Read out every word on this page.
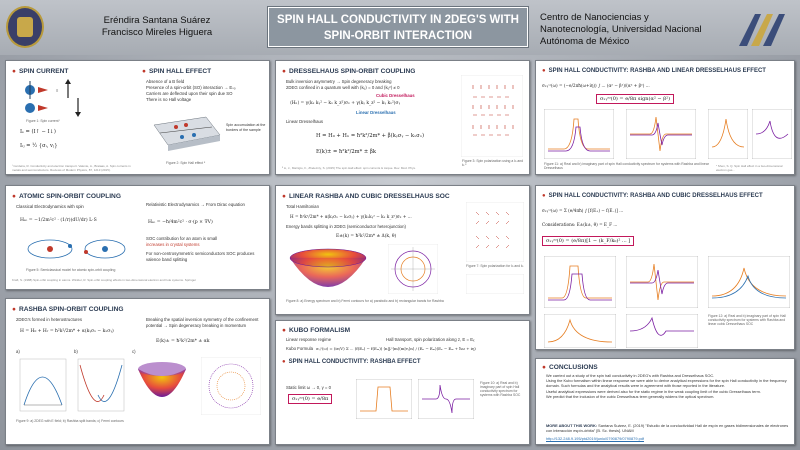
Eréndira Santana Suárez
Francisco Mireles Higuera
SPIN HALL CONDUCTIVITY IN 2DEG'S WITH
SPIN-ORBIT INTERACTION
Centro de Nanociencias y
Nanotecnología, Universidad Nacional
Autónoma de México
● SPIN CURRENT
≡
Figure 1: Spin current ᴵ
Iₛ = (I↑ − I↓)
Iᵢⱼ = ½ {σᵢ, vⱼ}
ᴵ Cerdeira, R. Conductivity and electron transport. Valente, A., Brataas, A. Spin currents in metals and semiconductors. Reviews of Modern Physics, 87, 1213 (2015).
● SPIN HALL EFFECT
Absence of a B field
Presence of a spin-orbit (SO) interaction → Eₛₒ
Carriers are deflected upon their spin due SO
There is no Hall voltage
Spin accumulation at the borders of the sample
Figure 2: Spin Hall effect ᴵᴵ
● DRESSELHAUS SPIN-ORBIT COUPLING
Bulk inversion asymmetry → Spin degeneracy breaking
2DEG confined in a quantum well with ⟨kᵤ⟩ = 0 and ⟨kᵤ²⟩ ≠ 0
Cubic Dresselhaus
⟨Hₙ⟩ = γ(kₓ kᵧ² − kₓ k_z²)σₓ + γ(kᵧ k_z² − kᵧ kₓ²)σᵧ
Linear Dresselhaus
Linear Dresselhaus
H = H₀ + Hₙ = ħ²k²/2m* + β(kᵧσᵧ − kₓσₓ)
E(k)± = ħ²k²/2m* ± βk
Figure 3: Spin polarization using a kᵢ and kᵢ ᴵᴵ
ᴵᴵ Li, J., Marrigio, F., Zhelezniy, S. (2015) The spin Hall effect: spin currents & torque. Rev. Mod. Phys.
● SPIN HALL CONDUCTIVITY: RASHBA AND LINEAR DRESSELHAUS EFFECT
σₓᵧˢᶻ(ω) = (−e/2πħ(ω+iη)) ∫ ... (α² − β²)/(α² + β²) ...
σₓᵧˢᶻ(0) = e/8π sign(α² − β²)
Figure 11: a) Real and b) imaginary part of spin Hall conductivity spectrum for systems with Rashba and linear Dresselhaus	ᵛ Shen, S. Q. Spin Hall effect in a two-dimensional electron gas...
● ATOMIC SPIN-ORBIT COUPLING
Classical Electrodynamics with spin	Relativistic Electrodynamics → From Dirac equation
Hₛₒ = −1/2m²c² · (1/r)(dU/dr) L·S	Hₛₒ = −ħ/4m²c² · σ·(p × ∇V)
SOC contribution for an atom is small
increases in crystal systems
For non-centrosymmetric semiconductors SOC produces valence band splitting
Figure 5: Semiclassical model for atomic spin-orbit coupling
Kraft, S. (1988) Spin-orbit coupling in atoms. Winkler, R. Spin-orbit coupling effects in two-dimensional electron and hole systems. Springer
● LINEAR RASHBA AND CUBIC DRESSELHAUS SOC
Total Hamiltonian
H = ħ²k²/2m* + α(kᵧσₓ − kₓσᵧ) + γ(kₓkᵧ² − kₓ k_z²)σₓ + ...
Energy bands splitting in 2DEG (semiconductor heterojunction)
E±(k) = ħ²k²/2m* ± Δ(k, θ)
Figure 7: Spin polarization for kᵢ and kᵢ
Figure 8: a) Energy spectrum and b) Fermi contours for a) parabolic and b) rectangular bands for Rashba
● SPIN HALL CONDUCTIVITY: RASHBA AND CUBIC DRESSELHAUS EFFECT
σₓᵧˢᶻ(ω) = Σ (e/4πħ) ∫ [f(E₊) − f(E₋)] ...
Considerations: E±(k±, θ) = E_F ...
σₓᵧˢᶻ(0) = (e/8π)[1 − (k_F/k₀)² ... ]
Figure 12: a) Real and b) imaginary part of spin Hall conductivity spectrum for systems with Rashba and linear cubic Dresselhaus SOC
● RASHBA SPIN-ORBIT COUPLING
2DEG's formed in heterostructures	Breaking the spatial inversion symmetry of the confinement potential → Spin degeneracy breaking in momentum
H = H₀ + Hᵣ = ħ²k²/2m* + α(kᵧσₓ − kₓσᵧ)
E(k)± = ħ²k²/2m* ± αk
a)	b)	c)
Figure 9: a) 2DEG with E field; b) Rashba split bands; c) Fermi contours
● KUBO FORMALISM
Linear response regime	Hall transport, spin polarization along z, E = Eₓ
Kubo Formula σᵢⱼᵃ(ω) = (ie/V) Σ ... (f(Eₙ) − f(Eₘ)) ⟨n|Jᵢᵃ|m⟩⟨m|vⱼ|n⟩ / (Eₙ − Eₘ)(Eₙ − Eₘ + ħω + iη)
● SPIN HALL CONDUCTIVITY: RASHBA EFFECT
Static limit ω → 0, γ = 0
σₓᵧˢᶻ(0) = e/8π
Figure 10: a) Real and b) imaginary part of spin Hall conductivity spectrum for systems with Rashba SOC
● CONCLUSIONS
We carried out a study of the spin hall conductivity in 2DEG's with Rashba and Dresselhaus SOC.
Using the Kubo formalism within linear response we were able to derive analytical expressions for the spin Hall conductivity in the frequency domain. Such formulas and the analytical results were in agreement with those reported in the literature.
Useful analytical expressions were derived also for the static regime in the weak coupling limit of the cubic Dresselhaus term.
We predict that the inclusion of the cubic Dresselhaus term generally widens the optical spectrum.
MORE ABOUT THIS WORK: Santana Suárez, E. (2019) "Estudio de la conductividad Hall de espín en gases bidimensionales de electrones con interacción espín-órbita" [B. Sc. thesis]. UNAM
http://132.248.9.195/ptd2019/junio/0790879/0790879.pdf
